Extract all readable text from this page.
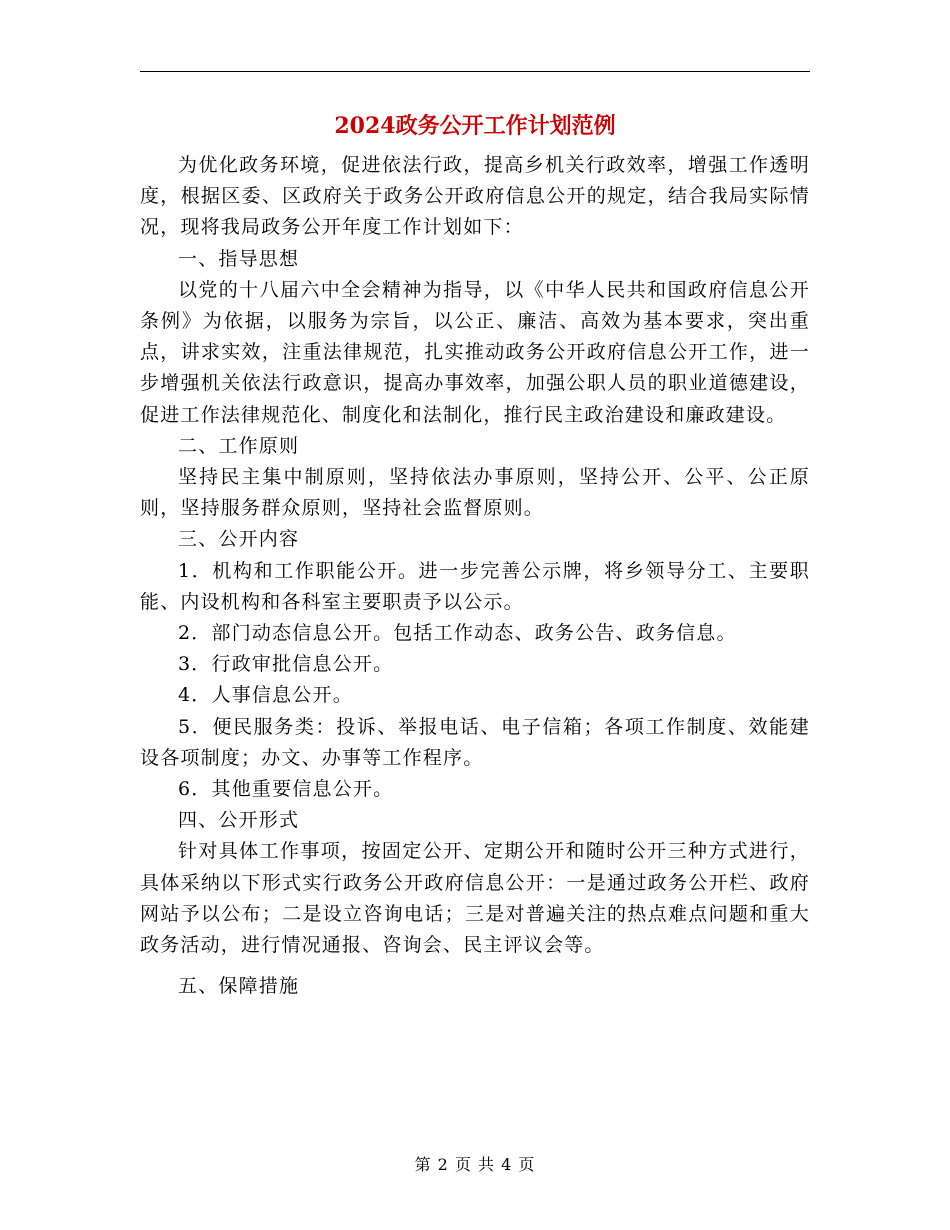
2024政务公开工作计划范例

为优化政务环境，促进依法行政，提高乡机关行政效率，增强工作透明度，根据区委、区政府关于政务公开政府信息公开的规定，结合我局实际情况，现将我局政务公开年度工作计划如下：

一、指导思想

以党的十八届六中全会精神为指导，以《中华人民共和国政府信息公开条例》为依据，以服务为宗旨，以公正、廉洁、高效为基本要求，突出重点，讲求实效，注重法律规范，扎实推动政务公开政府信息公开工作，进一步增强机关依法行政意识，提高办事效率，加强公职人员的职业道德建设，促进工作法律规范化、制度化和法制化，推行民主政治建设和廉政建设。

二、工作原则

坚持民主集中制原则，坚持依法办事原则，坚持公开、公平、公正原则，坚持服务群众原则，坚持社会监督原则。

三、公开内容

1．机构和工作职能公开。进一步完善公示牌，将乡领导分工、主要职能、内设机构和各科室主要职责予以公示。

2．部门动态信息公开。包括工作动态、政务公告、政务信息。

3．行政审批信息公开。

4．人事信息公开。

5．便民服务类：投诉、举报电话、电子信箱；各项工作制度、效能建设各项制度；办文、办事等工作程序。

6．其他重要信息公开。

四、公开形式

针对具体工作事项，按固定公开、定期公开和随时公开三种方式进行，具体采纳以下形式实行政务公开政府信息公开：一是通过政务公开栏、政府网站予以公布；二是设立咨询电话；三是对普遍关注的热点难点问题和重大政务活动，进行情况通报、咨询会、民主评议会等。

五、保障措施

第 2 页 共 4 页
